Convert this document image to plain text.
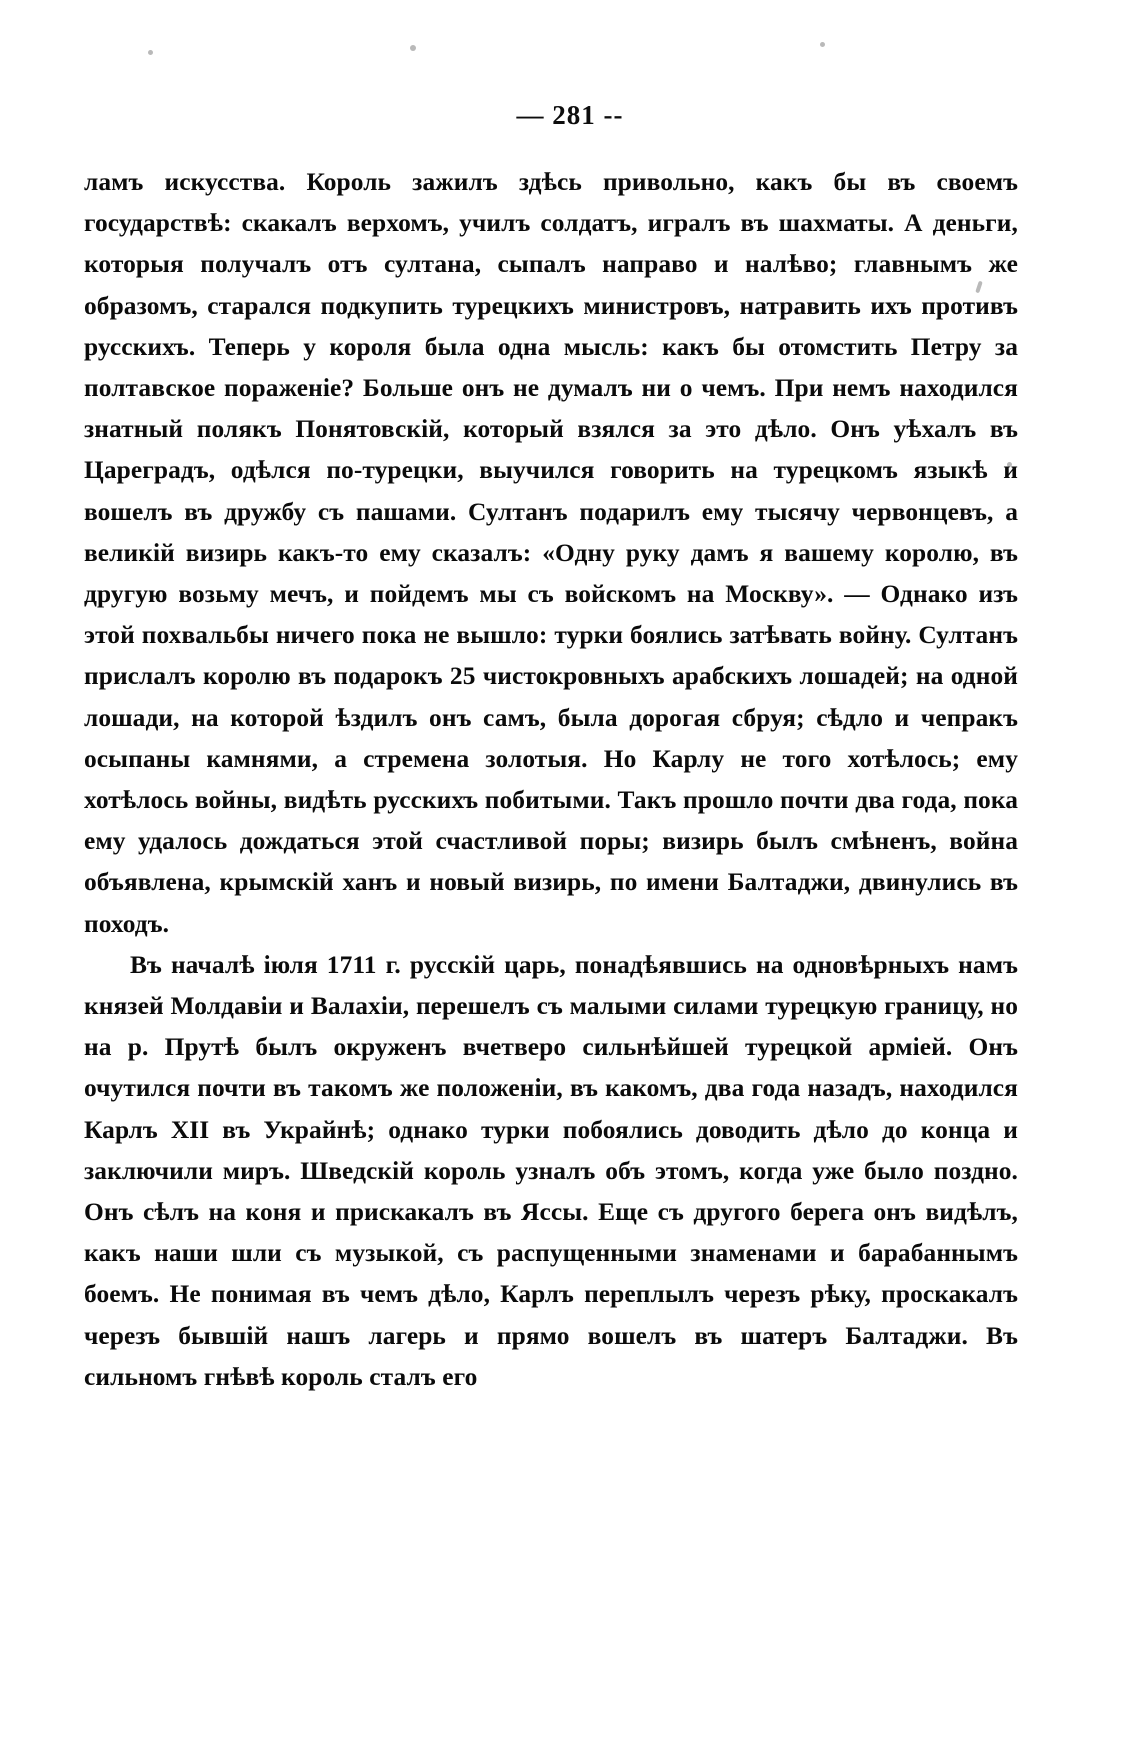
— 281 --

ламъ искусства. Король зажилъ здѣсь привольно, какъ бы въ своемъ государствѣ: скакалъ верхомъ, училъ солдатъ, игралъ въ шахматы. А деньги, которыя получалъ отъ султана, сыпалъ направо и налѣво; главнымъ же образомъ, старался подкупить турецкихъ министровъ, натравить ихъ противъ русскихъ. Теперь у короля была одна мысль: какъ бы отомстить Петру за полтавское пораженіе? Больше онъ не думалъ ни о чемъ. При немъ находился знатный полякъ Понятовскій, который взялся за это дѣло. Онъ уѣхалъ въ Цареградъ, одѣлся по-турецки, выучился говорить на турецкомъ языкѣ и вошелъ въ дружбу съ пашами. Султанъ подарилъ ему тысячу червонцевъ, а великій визирь какъ-то ему сказалъ: «Одну руку дамъ я вашему королю, въ другую возьму мечъ, и пойдемъ мы съ войскомъ на Москву». — Однако изъ этой похвальбы ничего пока не вышло: турки боялись затѣвать войну. Султанъ прислалъ королю въ подарокъ 25 чистокровныхъ арабскихъ лошадей; на одной лошади, на которой ѣздилъ онъ самъ, была дорогая сбруя; сѣдло и чепракъ осыпаны камнями, а стремена золотыя. Но Карлу не того хотѣлось; ему хотѣлось войны, видѣть русскихъ побитыми. Такъ прошло почти два года, пока ему удалось дождаться этой счастливой поры; визирь былъ смѣненъ, война объявлена, крымскій ханъ и новый визирь, по имени Балтаджи, двинулись въ походъ.

Въ началѣ іюля 1711 г. русскій царь, понадѣявшись на одновѣрныхъ намъ князей Молдавіи и Валахіи, перешелъ съ малыми силами турецкую границу, но на р. Прутѣ былъ окруженъ вчетверо сильнѣйшей турецкой арміей. Онъ очутился почти въ такомъ же положеніи, въ какомъ, два года назадъ, находился Карлъ XII въ Украйнѣ; однако турки побоялись доводить дѣло до конца и заключили миръ. Шведскій король узналъ объ этомъ, когда уже было поздно. Онъ сѣлъ на коня и прискакалъ въ Яссы. Еще съ другого берега онъ видѣлъ, какъ наши шли съ музыкой, съ распущенными знаменами и барабаннымъ боемъ. Не понимая въ чемъ дѣло, Карлъ переплылъ черезъ рѣку, проскакалъ черезъ бывшій нашъ лагерь и прямо вошелъ въ шатеръ Балтаджи. Въ сильномъ гнѣвѣ король сталъ его
